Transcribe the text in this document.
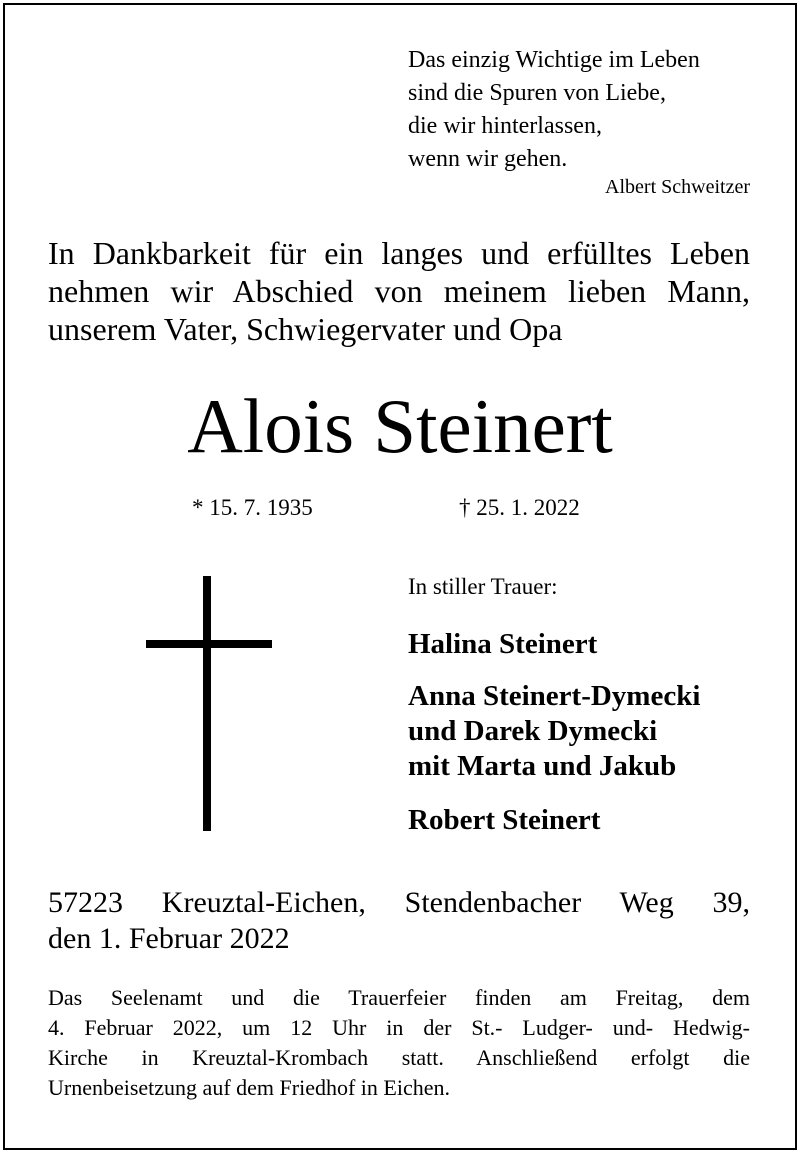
Das einzig Wichtige im Leben
sind die Spuren von Liebe,
die wir hinterlassen,
wenn wir gehen.
Albert Schweitzer
In Dankbarkeit für ein langes und erfülltes Leben
nehmen wir Abschied von meinem lieben Mann,
unserem Vater, Schwiegervater und Opa
Alois Steinert
* 15. 7. 1935	† 25. 1. 2022
In stiller Trauer:
Halina Steinert
Anna Steinert-Dymecki
und Darek Dymecki
mit Marta und Jakub
Robert Steinert
57223 Kreuztal-Eichen, Stendenbacher Weg 39,
den 1. Februar 2022
Das Seelenamt und die Trauerfeier finden am Freitag, dem
4. Februar 2022, um 12 Uhr in der St.- Ludger- und- Hedwig-
Kirche in Kreuztal-Krombach statt. Anschließend erfolgt die
Urnenbeisetzung auf dem Friedhof in Eichen.
